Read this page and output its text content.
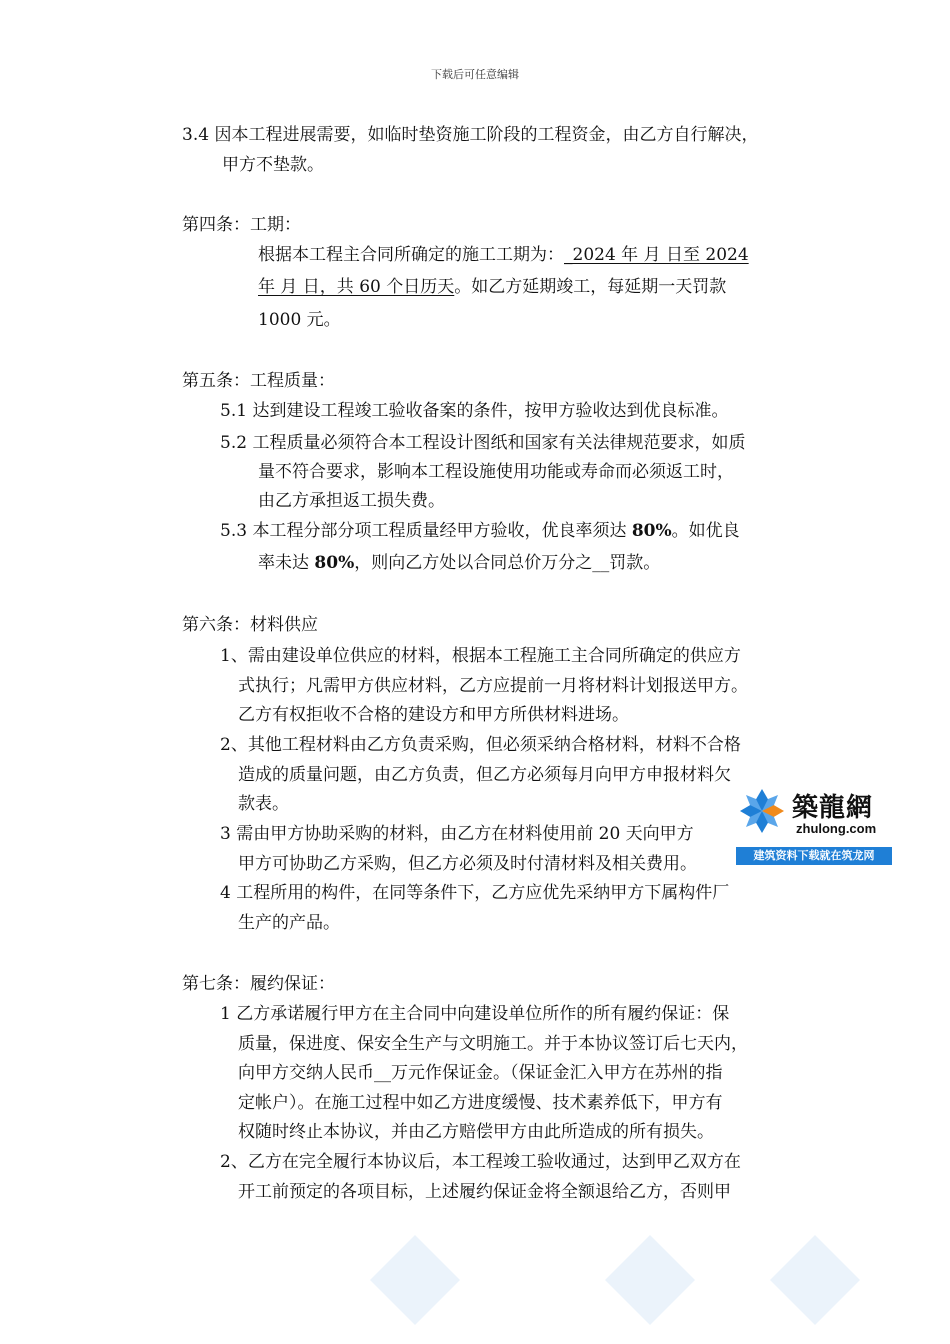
下载后可任意编辑
3.4 因本工程进展需要，如临时垫资施工阶段的工程资金，由乙方自行解决，
甲方不垫款。
第四条：工期：
根据本工程主合同所确定的施工工期为：_2024 年 月 日至 2024
年 月 日，共 60 个日历天。如乙方延期竣工，每延期一天罚款
1000 元。
第五条：工程质量：
5.1 达到建设工程竣工验收备案的条件，按甲方验收达到优良标准。
5.2 工程质量必须符合本工程设计图纸和国家有关法律规范要求，如质
量不符合要求，影响本工程设施使用功能或寿命而必须返工时，
由乙方承担返工损失费。
5.3 本工程分部分项工程质量经甲方验收，优良率须达 80%。如优良
率未达 80%，则向乙方处以合同总价万分之__罚款。
第六条：材料供应
1、需由建设单位供应的材料，根据本工程施工主合同所确定的供应方
式执行；凡需甲方供应材料，乙方应提前一月将材料计划报送甲方。
乙方有权拒收不合格的建设方和甲方所供材料进场。
2、其他工程材料由乙方负责采购，但必须采纳合格材料，材料不合格
造成的质量问题，由乙方负责，但乙方必须每月向甲方申报材料欠
款表。
3 需由甲方协助采购的材料，由乙方在材料使用前 20 天向甲方
甲方可协助乙方采购，但乙方必须及时付清材料及相关费用。
4 工程所用的构件，在同等条件下，乙方应优先采纳甲方下属构件厂
生产的产品。
第七条：履约保证：
1 乙方承诺履行甲方在主合同中向建设单位所作的所有履约保证：保
质量，保进度、保安全生产与文明施工。并于本协议签订后七天内，
向甲方交纳人民币__万元作保证金。（保证金汇入甲方在苏州的指
定帐户）。在施工过程中如乙方进度缓慢、技术素养低下，甲方有
权随时终止本协议，并由乙方赔偿甲方由此所造成的所有损失。
2、乙方在完全履行本协议后，本工程竣工验收通过，达到甲乙双方在
开工前预定的各项目标，上述履约保证金将全额退给乙方，否则甲
築龍網
zhulong.com
建筑资料下载就在筑龙网
